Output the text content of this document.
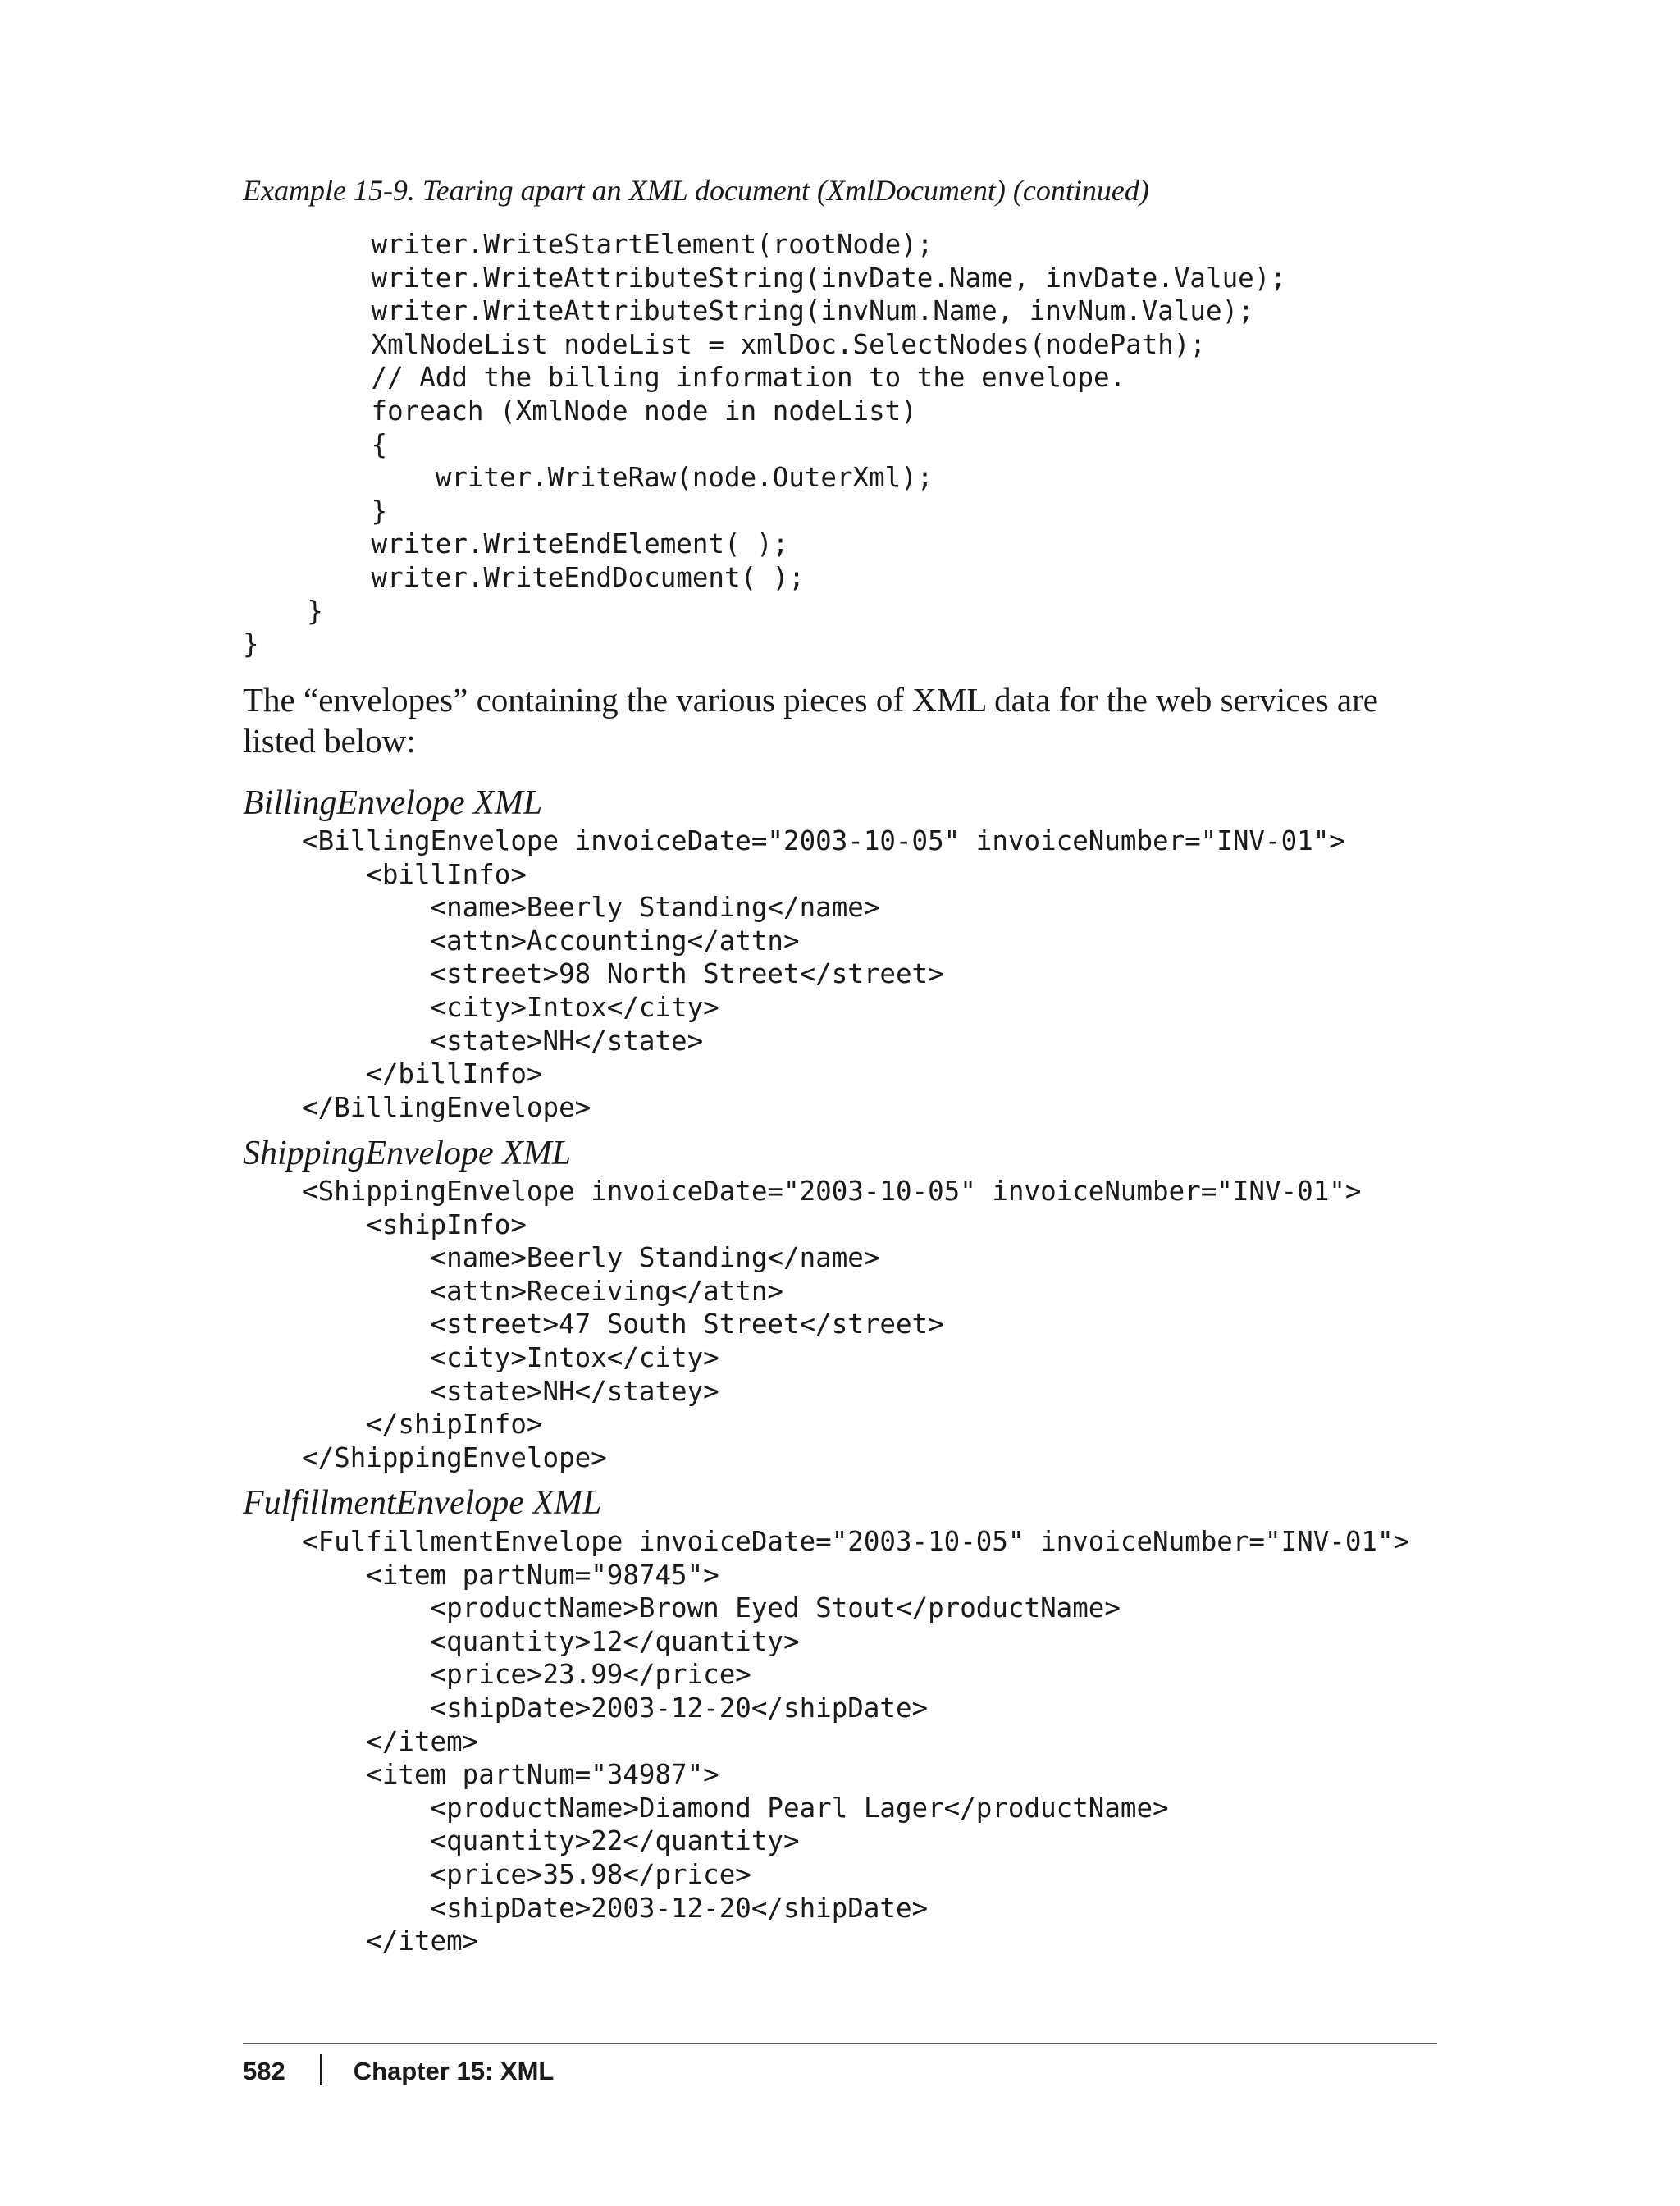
Example 15-9. Tearing apart an XML document (XmlDocument) (continued)
writer.WriteStartElement(rootNode);
writer.WriteAttributeString(invDate.Name, invDate.Value);
writer.WriteAttributeString(invNum.Name, invNum.Value);
XmlNodeList nodeList = xmlDoc.SelectNodes(nodePath);
// Add the billing information to the envelope.
foreach (XmlNode node in nodeList)
{
writer.WriteRaw(node.OuterXml);
}
writer.WriteEndElement( );
writer.WriteEndDocument( );
}
}

The “envelopes” containing the various pieces of XML data for the web services are listed below:

BillingEnvelope XML
<BillingEnvelope invoiceDate="2003-10-05" invoiceNumber="INV-01">
<billInfo>
<name>Beerly Standing</name>
<attn>Accounting</attn>
<street>98 North Street</street>
<city>Intox</city>
<state>NH</state>
</billInfo>
</BillingEnvelope>
ShippingEnvelope XML
<ShippingEnvelope invoiceDate="2003-10-05" invoiceNumber="INV-01">
<shipInfo>
<name>Beerly Standing</name>
<attn>Receiving</attn>
<street>47 South Street</street>
<city>Intox</city>
<state>NH</statey>
</shipInfo>
</ShippingEnvelope>
FulfillmentEnvelope XML
<FulfillmentEnvelope invoiceDate="2003-10-05" invoiceNumber="INV-01">
<item partNum="98745">
<productName>Brown Eyed Stout</productName>
<quantity>12</quantity>
<price>23.99</price>
<shipDate>2003-12-20</shipDate>
</item>
<item partNum="34987">
<productName>Diamond Pearl Lager</productName>
<quantity>22</quantity>
<price>35.98</price>
<shipDate>2003-12-20</shipDate>
</item>
582	Chapter 15: XML
